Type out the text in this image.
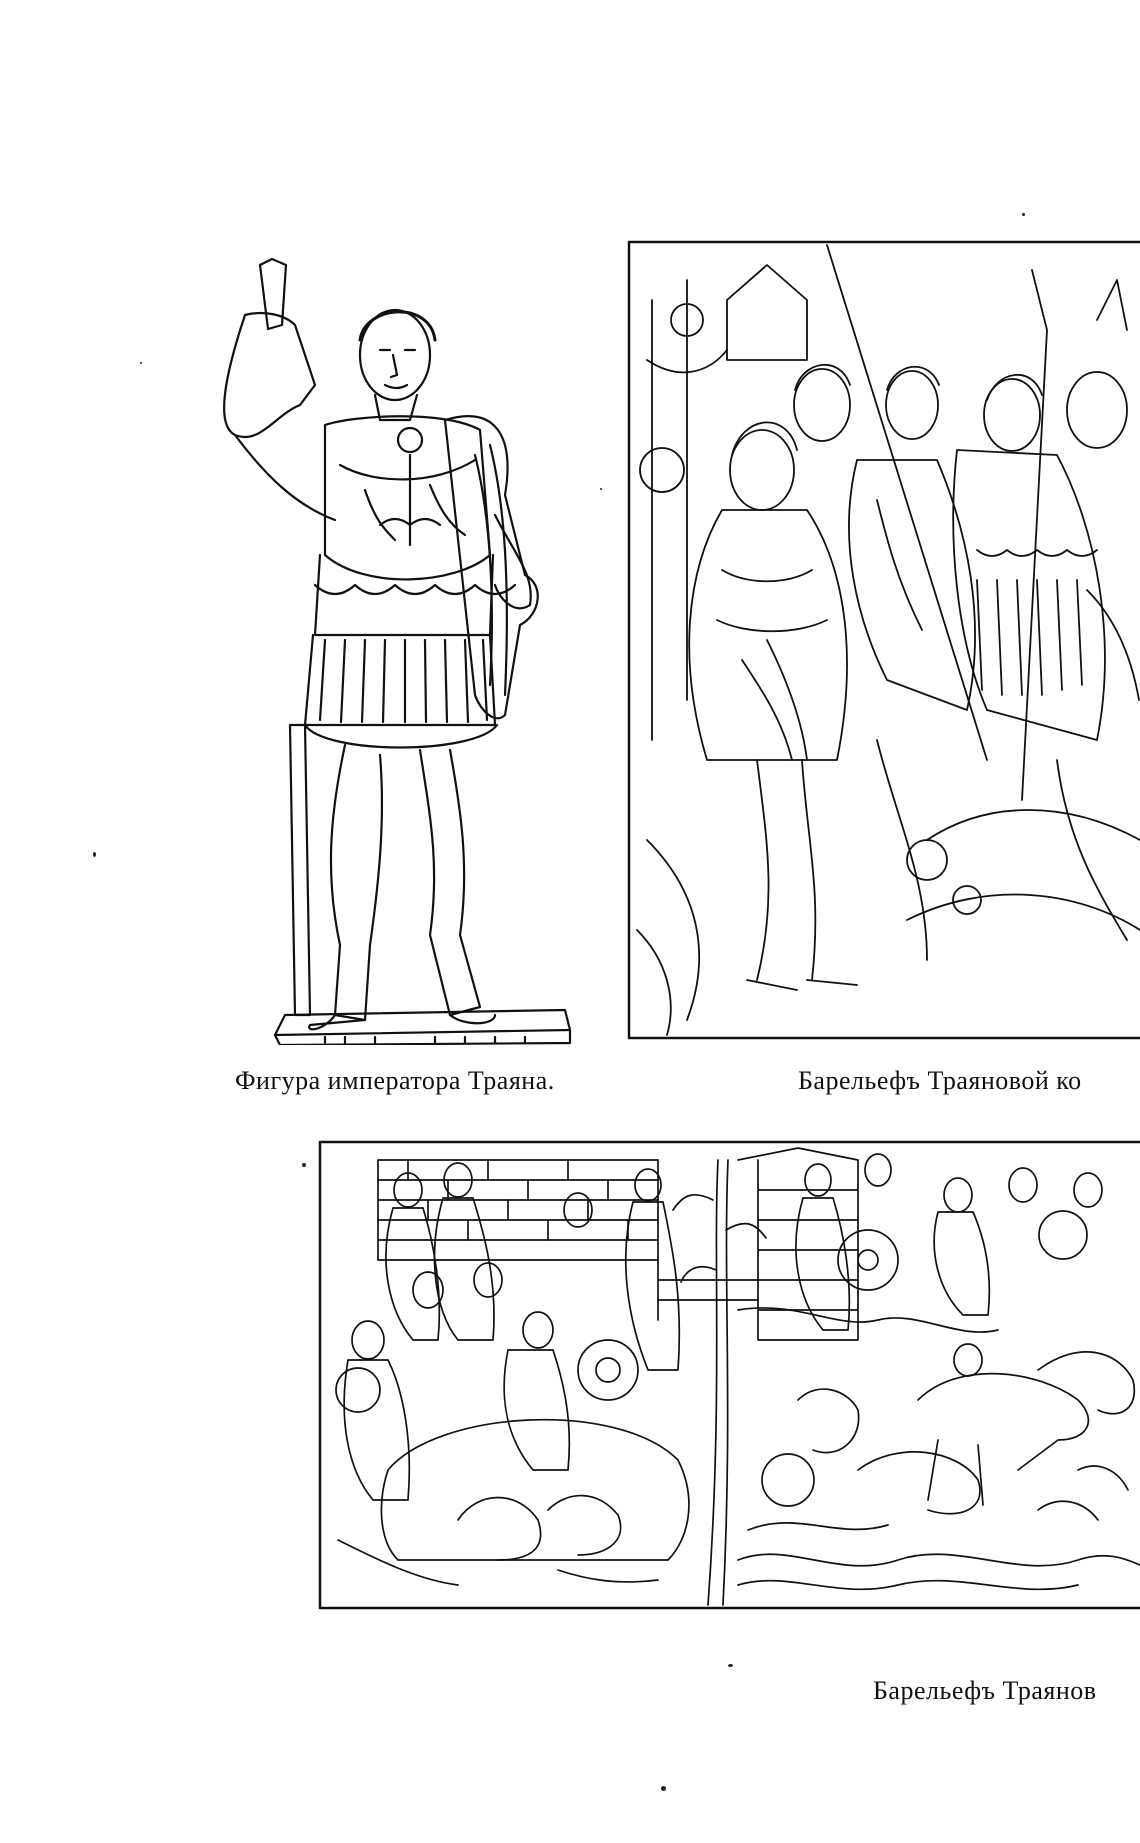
Фигура императора Траяна.	Барельефъ Траяновой ко
Барельефъ Траянов
